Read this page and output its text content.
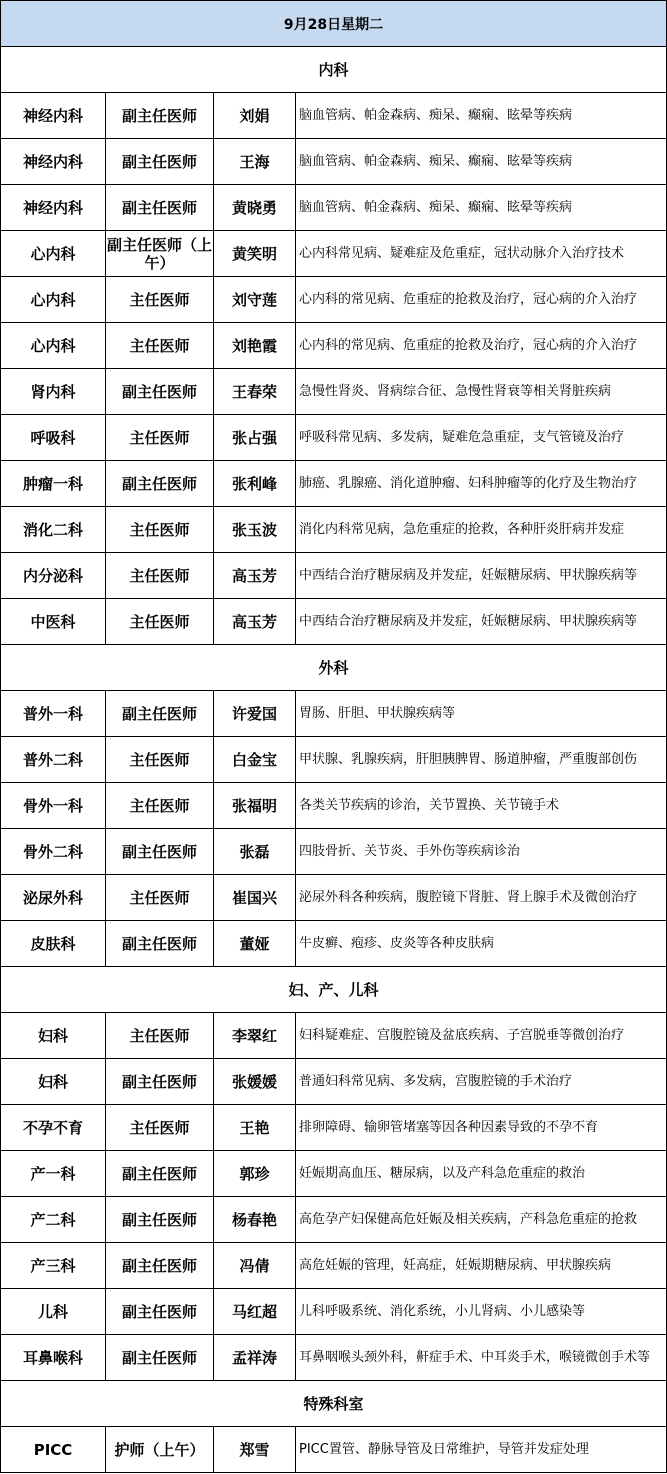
9月28日星期二			
内科			
神经内科	副主任医师	刘娟	脑血管病、帕金森病、痴呆、癫痫、眩晕等疾病
神经内科	副主任医师	王海	脑血管病、帕金森病、痴呆、癫痫、眩晕等疾病
神经内科	副主任医师	黄晓勇	脑血管病、帕金森病、痴呆、癫痫、眩晕等疾病
心内科	副主任医师（上午）	黄笑明	心内科常见病、疑难症及危重症，冠状动脉介入治疗技术
心内科	主任医师	刘守莲	心内科的常见病、危重症的抢救及治疗，冠心病的介入治疗
心内科	主任医师	刘艳霞	心内科的常见病、危重症的抢救及治疗，冠心病的介入治疗
肾内科	副主任医师	王春荣	急慢性肾炎、肾病综合征、急慢性肾衰等相关肾脏疾病
呼吸科	主任医师	张占强	呼吸科常见病、多发病，疑难危急重症，支气管镜及治疗
肿瘤一科	副主任医师	张利峰	肺癌、乳腺癌、消化道肿瘤、妇科肿瘤等的化疗及生物治疗
消化二科	主任医师	张玉波	消化内科常见病，急危重症的抢救，各种肝炎肝病并发症
内分泌科	主任医师	高玉芳	中西结合治疗糖尿病及并发症，妊娠糖尿病、甲状腺疾病等
中医科	主任医师	高玉芳	中西结合治疗糖尿病及并发症，妊娠糖尿病、甲状腺疾病等
外科			
普外一科	副主任医师	许爱国	胃肠、肝胆、甲状腺疾病等
普外二科	主任医师	白金宝	甲状腺、乳腺疾病，肝胆胰脾胃、肠道肿瘤，严重腹部创伤
骨外一科	主任医师	张福明	各类关节疾病的诊治，关节置换、关节镜手术
骨外二科	副主任医师	张磊	四肢骨折、关节炎、手外伤等疾病诊治
泌尿外科	主任医师	崔国兴	泌尿外科各种疾病，腹腔镜下肾脏、肾上腺手术及微创治疗
皮肤科	副主任医师	董娅	牛皮癣、疱疹、皮炎等各种皮肤病
妇、产、儿科			
妇科	主任医师	李翠红	妇科疑难症、宫腹腔镜及盆底疾病、子宫脱垂等微创治疗
妇科	副主任医师	张媛媛	普通妇科常见病、多发病，宫腹腔镜的手术治疗
不孕不育	主任医师	王艳	排卵障碍、输卵管堵塞等因各种因素导致的不孕不育
产一科	副主任医师	郭珍	妊娠期高血压、糖尿病，以及产科急危重症的救治
产二科	副主任医师	杨春艳	高危孕产妇保健高危妊娠及相关疾病，产科急危重症的抢救
产三科	副主任医师	冯倩	高危妊娠的管理，妊高症，妊娠期糖尿病、甲状腺疾病
儿科	副主任医师	马红超	儿科呼吸系统、消化系统，小儿肾病、小儿感染等
耳鼻喉科	副主任医师	孟祥涛	耳鼻咽喉头颈外科，鼾症手术、中耳炎手术，喉镜微创手术等
特殊科室			
PICC	护师（上午）	郑雪	PICC置管、静脉导管及日常维护，导管并发症处理
